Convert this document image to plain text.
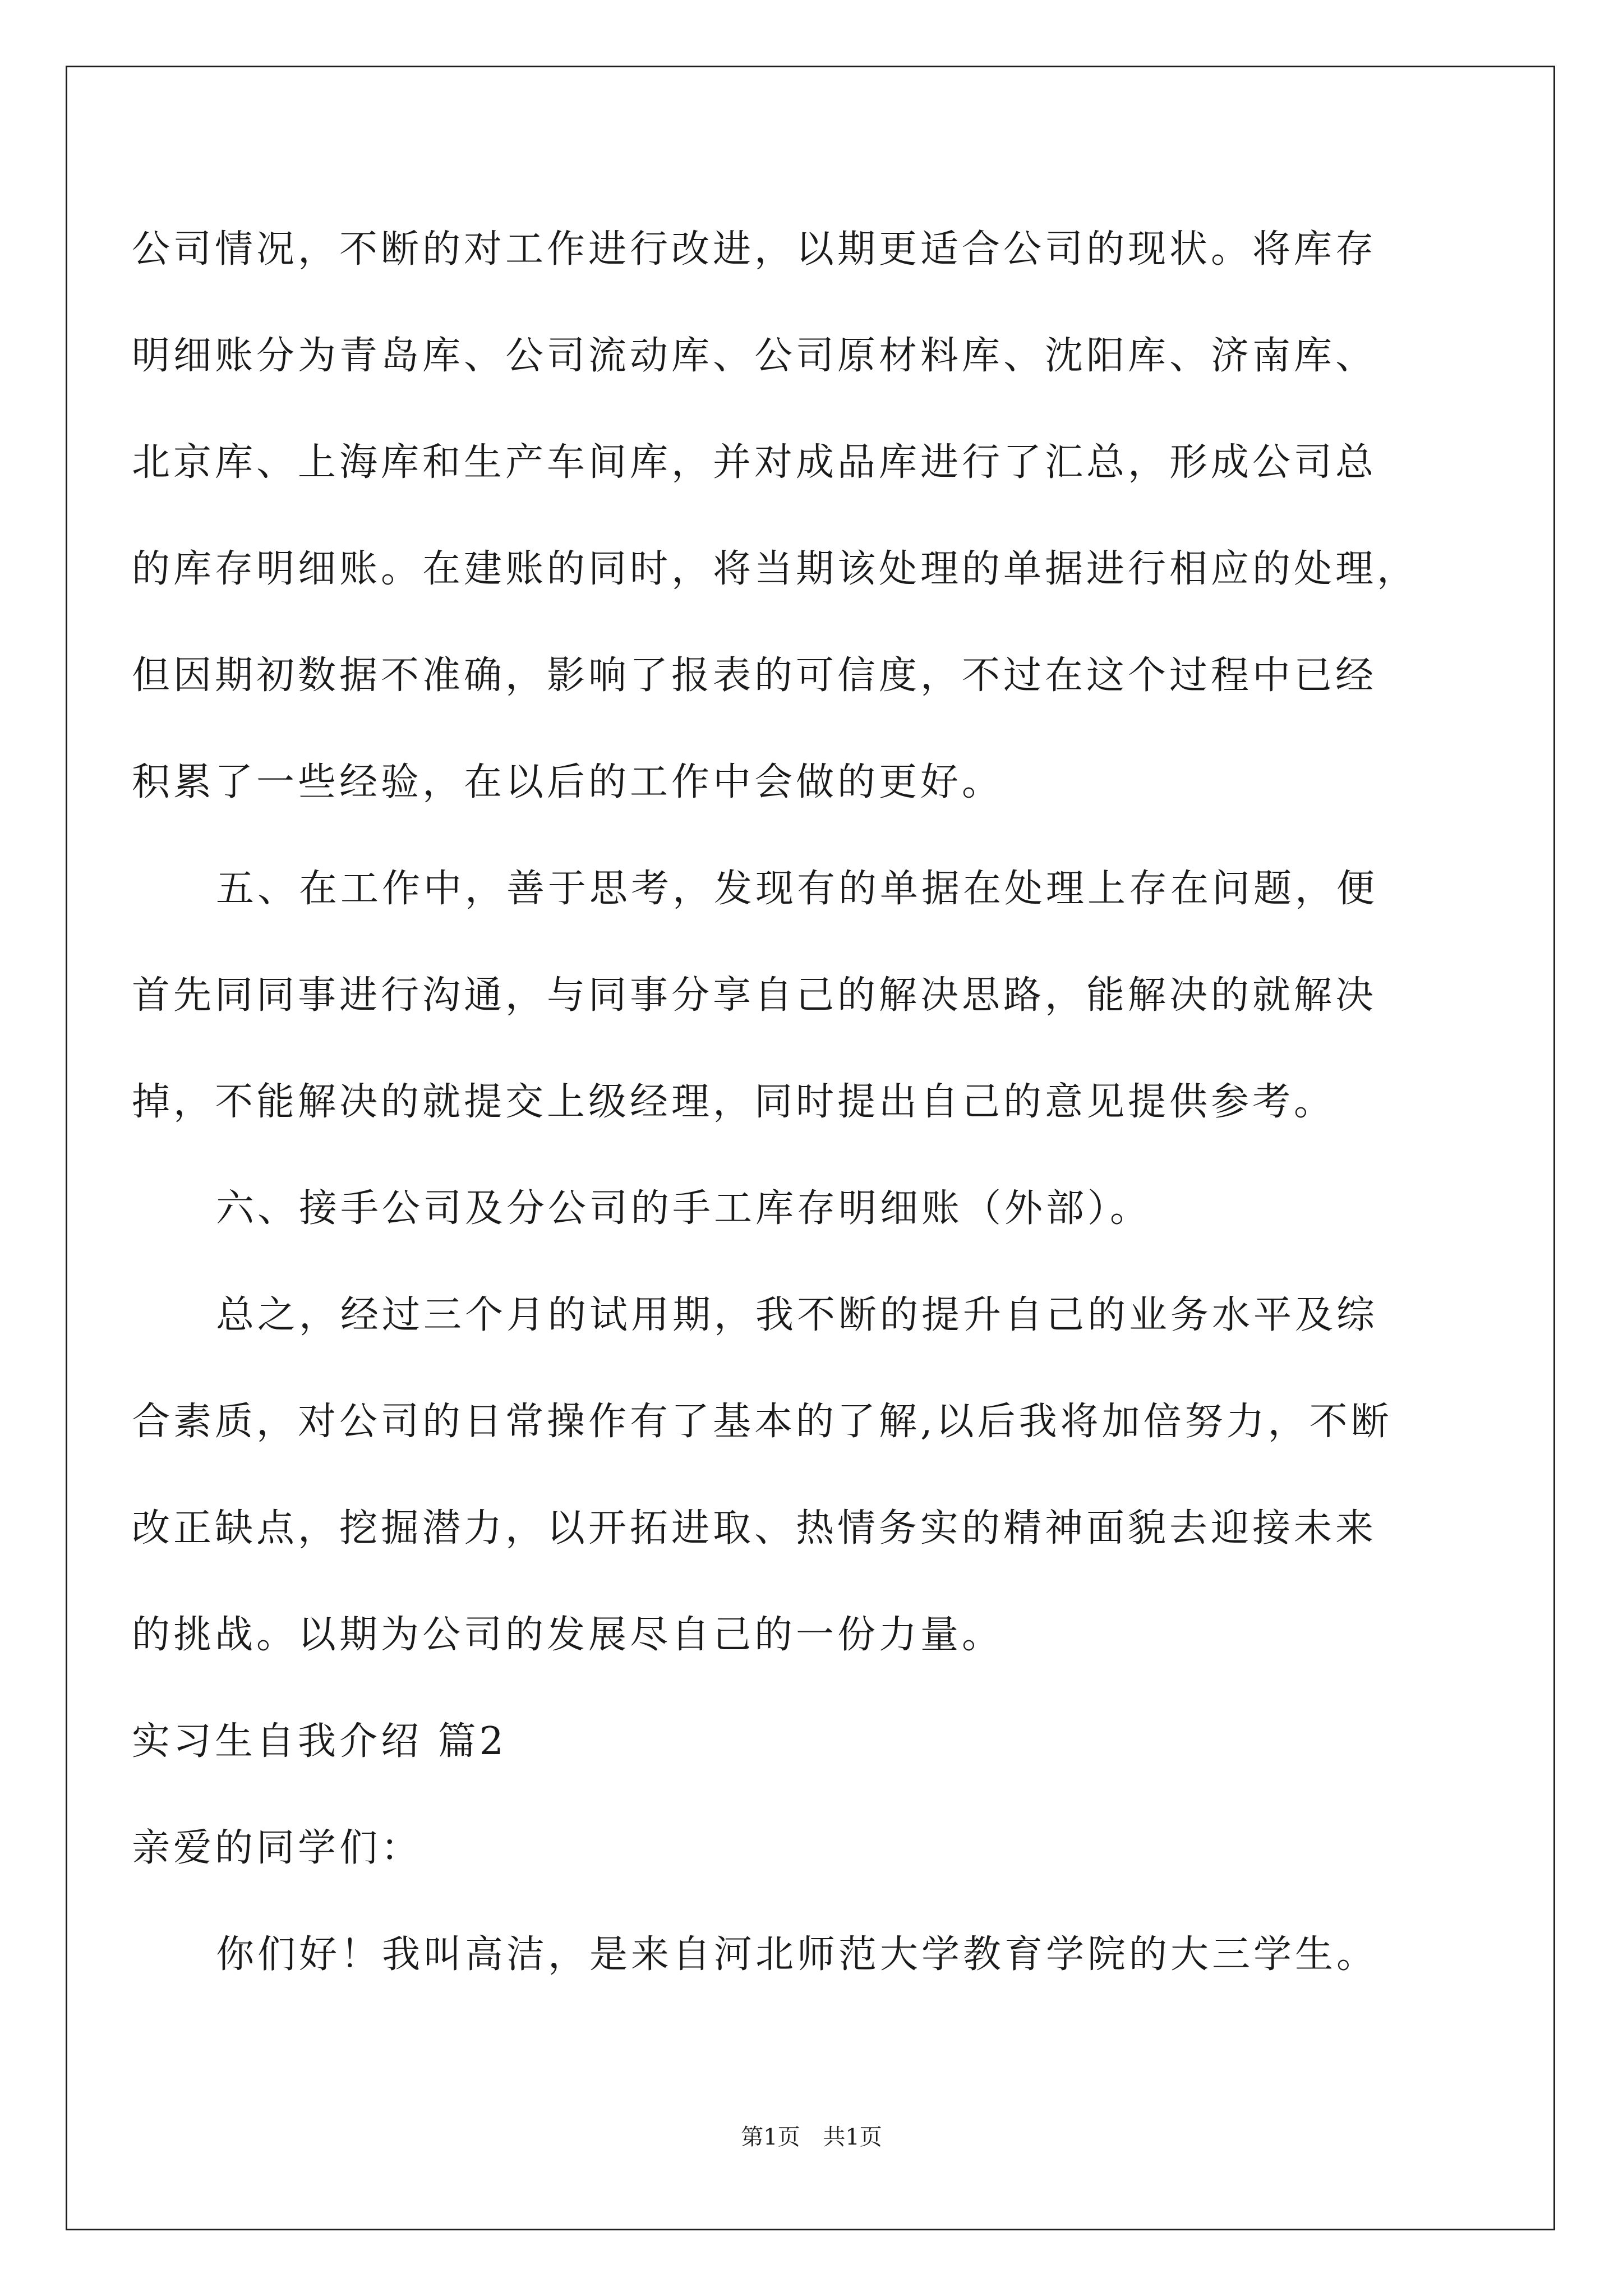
公司情况，不断的对工作进行改进，以期更适合公司的现状。将库存
明细账分为青岛库、公司流动库、公司原材料库、沈阳库、济南库、
北京库、上海库和生产车间库，并对成品库进行了汇总，形成公司总
的库存明细账。在建账的同时，将当期该处理的单据进行相应的处理，
但因期初数据不准确，影响了报表的可信度，不过在这个过程中已经
积累了一些经验，在以后的工作中会做的更好。
五、在工作中，善于思考，发现有的单据在处理上存在问题，便
首先同同事进行沟通，与同事分享自己的解决思路，能解决的就解决
掉，不能解决的就提交上级经理，同时提出自己的意见提供参考。
六、接手公司及分公司的手工库存明细账（外部）。
总之，经过三个月的试用期，我不断的提升自己的业务水平及综
合素质，对公司的日常操作有了基本的了解,以后我将加倍努力，不断
改正缺点，挖掘潜力，以开拓进取、热情务实的精神面貌去迎接未来
的挑战。以期为公司的发展尽自己的一份力量。
实习生自我介绍 篇2
亲爱的同学们：
你们好！我叫高洁，是来自河北师范大学教育学院的大三学生。
第1页 共1页
